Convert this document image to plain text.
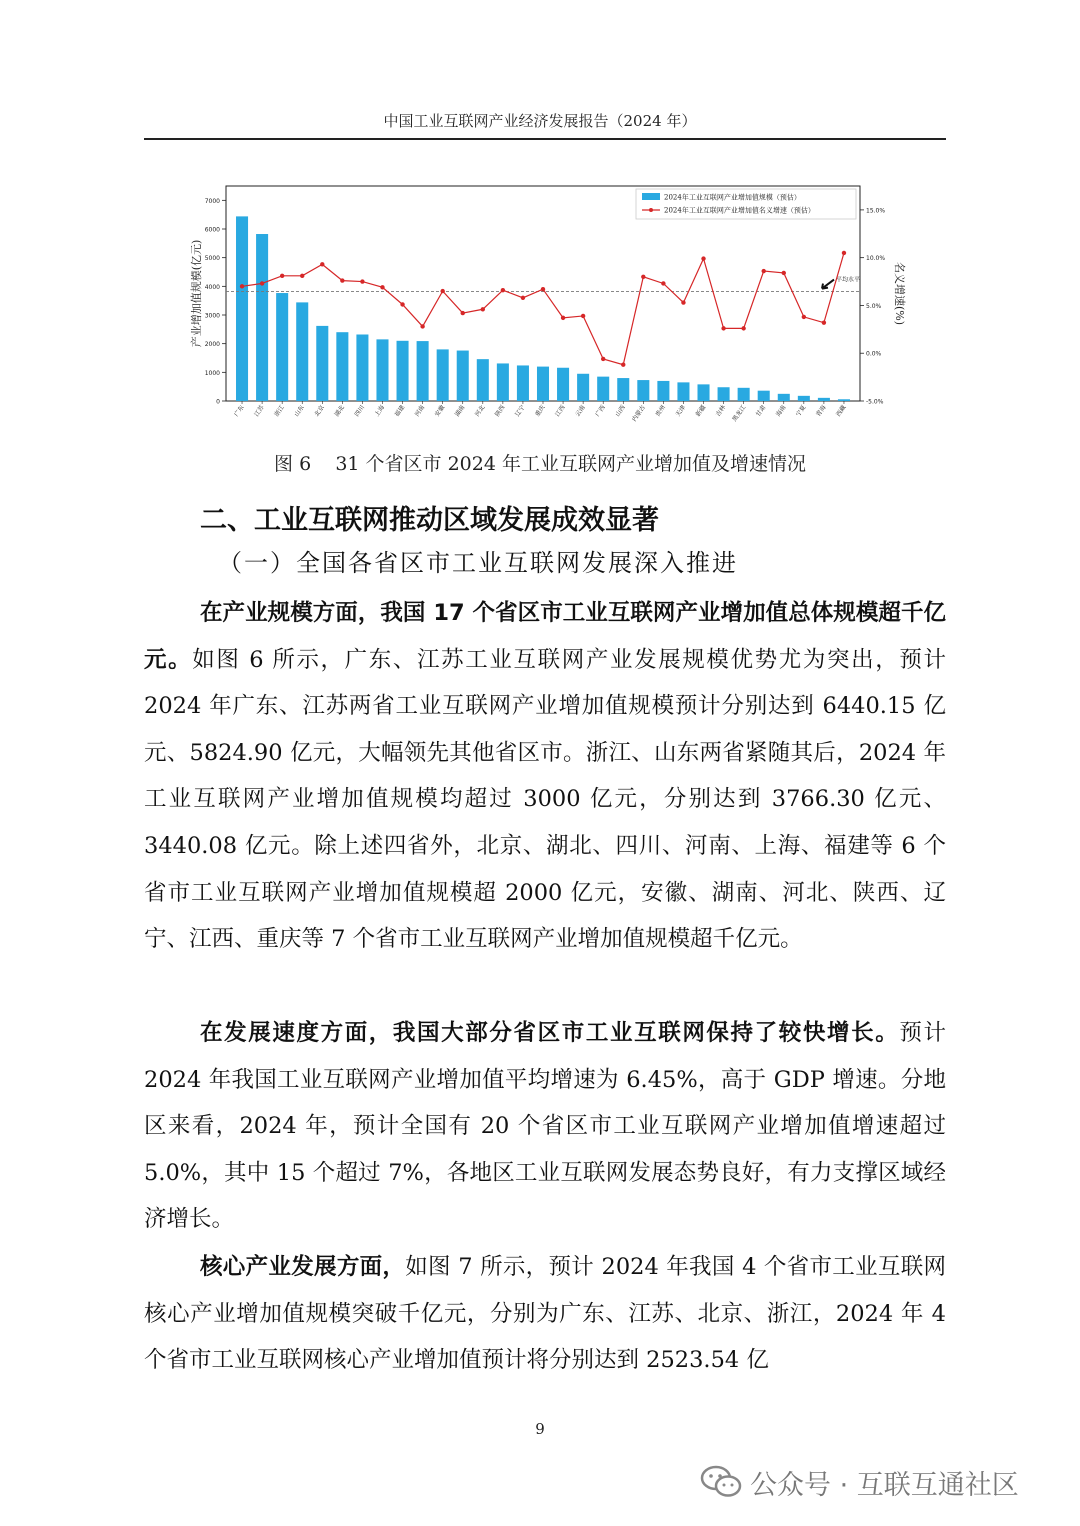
中国工业互联网产业经济发展报告（2024 年）
0
1000
2000
3000
4000
5000
6000
7000
-5.0%
0.0%
5.0%
10.0%
15.0%
产业增加值规模(亿元)	名义增速(%)
平均水平
广东 江苏 浙江 山东 北京 湖北 四川 上海 福建 河南 安徽 湖南 河北 陕西 辽宁 重庆 江西 云南 广西 山西 内蒙古 贵州 天津 新疆 吉林 黑龙江 甘肃 海南 宁夏 青海 西藏
2024年工业互联网产业增加值规模（预估）
2024年工业互联网产业增加值名义增速（预估）
图 6    31 个省区市 2024 年工业互联网产业增加值及增速情况
二、工业互联网推动区域发展成效显著
（一）全国各省区市工业互联网发展深入推进

在产业规模方面，我国 17 个省区市工业互联网产业增加值总体规模超千亿元。如图 6 所示，广东、江苏工业互联网产业发展规模优势尤为突出，预计 2024 年广东、江苏两省工业互联网产业增加值规模预计分别达到 6440.15 亿元、5824.90 亿元，大幅领先其他省区市。浙江、山东两省紧随其后，2024 年工业互联网产业增加值规模均超过 3000 亿元，分别达到 3766.30 亿元、3440.08 亿元。除上述四省外，北京、湖北、四川、河南、上海、福建等 6 个省市工业互联网产业增加值规模超 2000 亿元，安徽、湖南、河北、陕西、辽宁、江西、重庆等 7 个省市工业互联网产业增加值规模超千亿元。

在发展速度方面，我国大部分省区市工业互联网保持了较快增长。预计 2024 年我国工业互联网产业增加值平均增速为 6.45%，高于 GDP 增速。分地区来看，2024 年，预计全国有 20 个省区市工业互联网产业增加值增速超过 5.0%，其中 15 个超过 7%，各地区工业互联网发展态势良好，有力支撑区域经济增长。

核心产业发展方面，如图 7 所示，预计 2024 年我国 4 个省市工业互联网核心产业增加值规模突破千亿元，分别为广东、江苏、北京、浙江，2024 年 4 个省市工业互联网核心产业增加值预计将分别达到 2523.54 亿

9
公众号 · 互联互通社区
